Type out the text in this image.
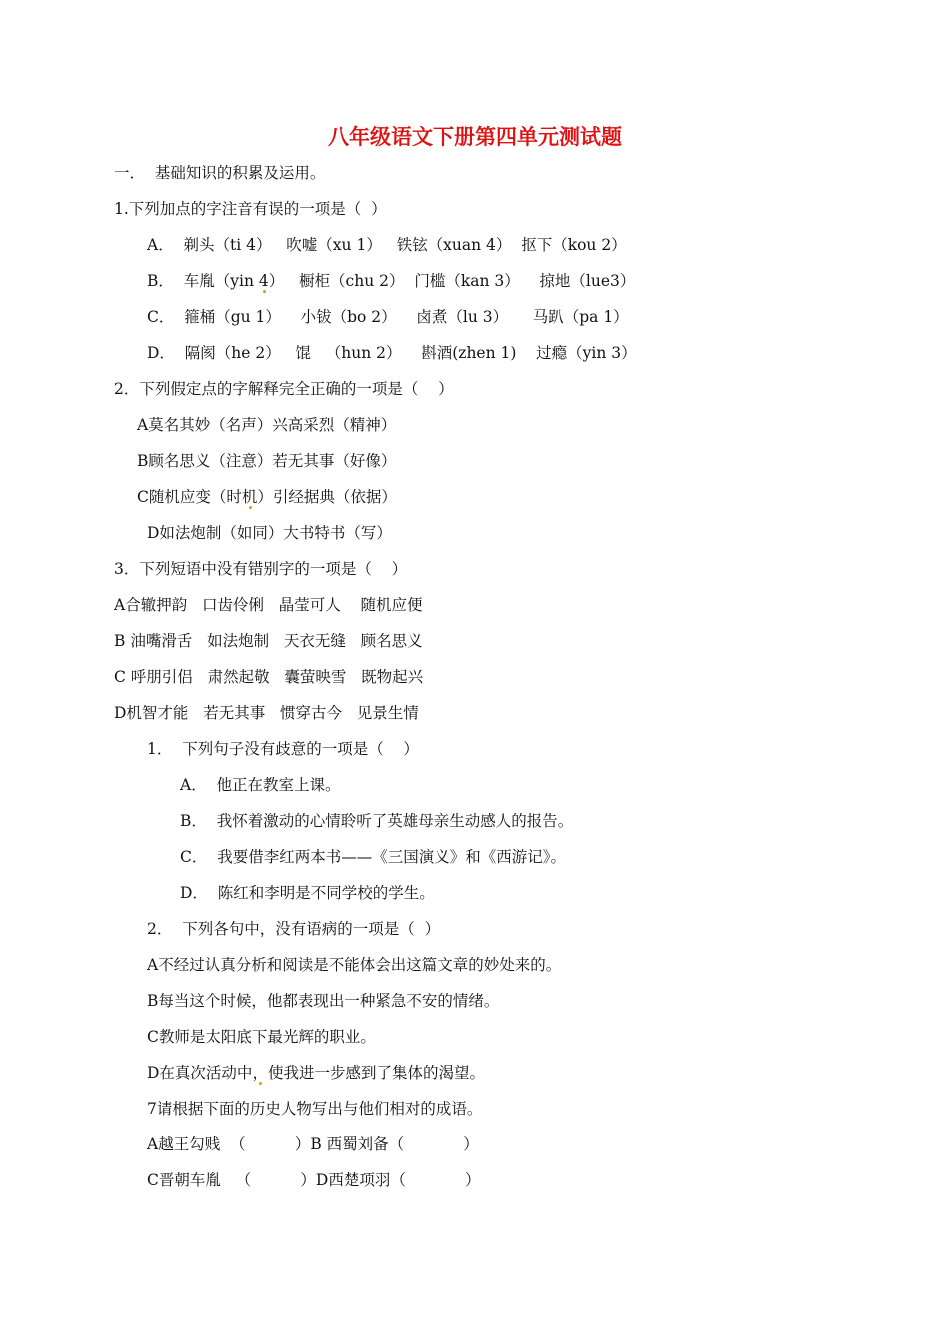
八年级语文下册第四单元测试题
一．  基础知识的积累及运用。
1.下列加点的字注音有误的一项是（  ）
A．  剃头（ti 4）   吹嘘（xu 1）   铁铉（xuan 4）  抠下（kou 2）
B．  车胤（yin 4）   橱柜（chu 2）  门槛（kan 3）    掠地（lue3）
C．  箍桶（gu 1）    小钹（bo 2）    卤煮（lu 3）     马趴（pa 1）
D．  隔阂（he 2）   馄   （hun 2）    斟酒(zhen 1)    过瘾（yin 3）
2．下列假定点的字解释完全正确的一项是（    ）
A莫名其妙（名声）兴高采烈（精神）
B顾名思义（注意）若无其事（好像）
C随机应变（时机）引经据典（依据）
D如法炮制（如同）大书特书（写）
3．下列短语中没有错别字的一项是（    ）
A合辙押韵   口齿伶俐   晶莹可人    随机应便
B 油嘴滑舌   如法炮制   天衣无缝   顾名思义
C 呼朋引侣   肃然起敬   囊萤映雪   既物起兴
D机智才能   若无其事   惯穿古今   见景生情
1．  下列句子没有歧意的一项是（    ）
A．  他正在教室上课。
B．  我怀着激动的心情聆听了英雄母亲生动感人的报告。
C．  我要借李红两本书——《三国演义》和《西游记》。
D．  陈红和李明是不同学校的学生。
2．  下列各句中，没有语病的一项是（  ）
A不经过认真分析和阅读是不能体会出这篇文章的妙处来的。
B每当这个时候，他都表现出一种紧急不安的情绪。
C教师是太阳底下最光辉的职业。
D在真次活动中，使我进一步感到了集体的渴望。
7请根据下面的历史人物写出与他们相对的成语。
A越王勾贱  （          ）B 西蜀刘备（            ）
C晋朝车胤   （          ）D西楚项羽（            ）
